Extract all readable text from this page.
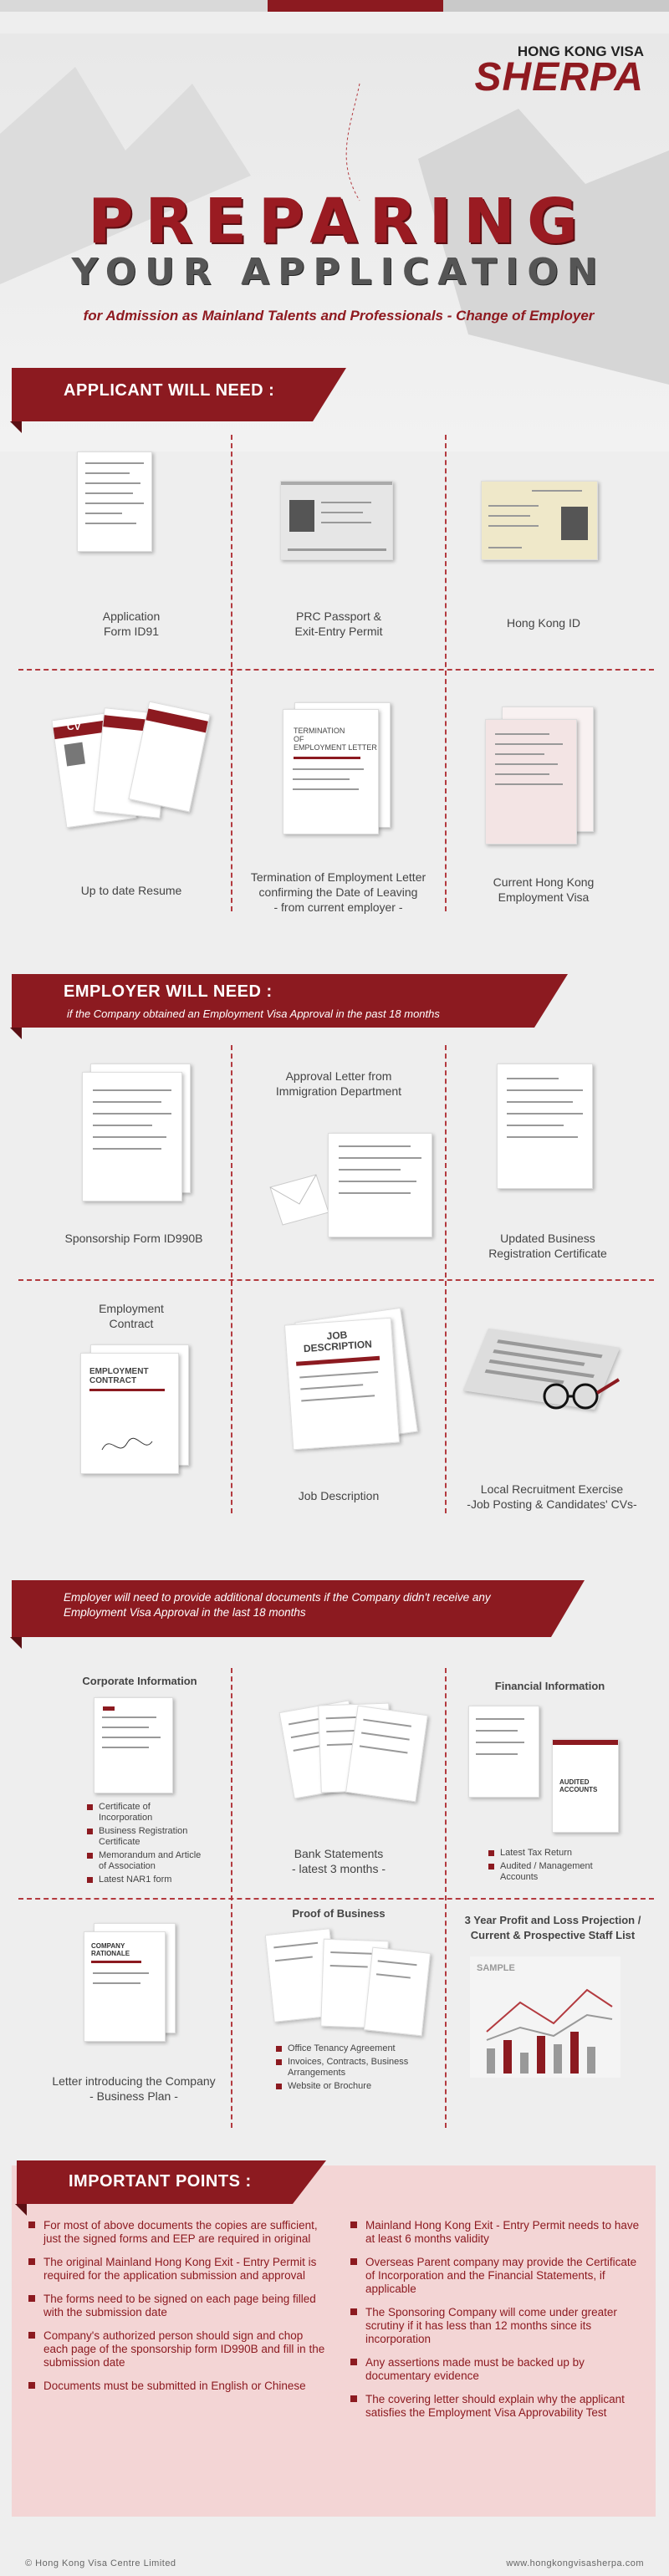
HONG KONG VISA
SHERPA
PREPARING
YOUR APPLICATION
for Admission as Mainland Talents and Professionals - Change of Employer
APPLICANT WILL NEED :
Application
Form ID91
PRC Passport &
Exit-Entry Permit
Hong Kong ID
CV
Up to date Resume
TERMINATION
OF
EMPLOYMENT LETTER
Termination of Employment Letter
confirming the Date of Leaving
- from current employer -
Current Hong Kong
Employment Visa
EMPLOYER WILL NEED :
if the Company obtained an Employment Visa Approval in the past 18 months
Sponsorship Form ID990B
Approval Letter from
Immigration Department
Updated Business
Registration Certificate
Employment
Contract
EMPLOYMENT
CONTRACT
JOB
DESCRIPTION
Job Description	Local Recruitment Exercise
-Job Posting & Candidates' CVs-
Employer will need to provide additional documents if the Company didn't receive any Employment Visa Approval in the last 18 months
Corporate Information
Certificate of Incorporation
Business Registration Certificate
Memorandum and Article of Association
Latest NAR1 form
Bank Statements
- latest 3 months -
Financial Information
AUDITED
ACCOUNTS
Latest Tax Return
Audited / Management Accounts
COMPANY
RATIONALE
Letter introducing the Company
- Business Plan -
Proof of Business
Office Tenancy Agreement
Invoices, Contracts, Business Arrangements
Website or Brochure
3 Year Profit and Loss Projection /
Current & Prospective Staff List
SAMPLE
IMPORTANT POINTS :
For most of above documents the copies are sufficient, just the signed forms and EEP are required in original
The original Mainland Hong Kong Exit - Entry Permit is required for the application submission and approval
The forms need to be signed on each page being filled with the submission date
Company's authorized person should sign and chop each page of the sponsorship form ID990B and fill in the submission date
Documents must be submitted in English or Chinese
Mainland Hong Kong Exit - Entry Permit needs to have at least 6 months validity
Overseas Parent company may provide the Certificate of Incorporation and the Financial Statements, if applicable
The Sponsoring Company will come under greater scrutiny if it has less than 12 months since its incorporation
Any assertions made must be backed up by documentary evidence
The covering letter should explain why the applicant satisfies the Employment Visa Approvability Test
© Hong Kong Visa Centre Limited	www.hongkongvisasherpa.com
